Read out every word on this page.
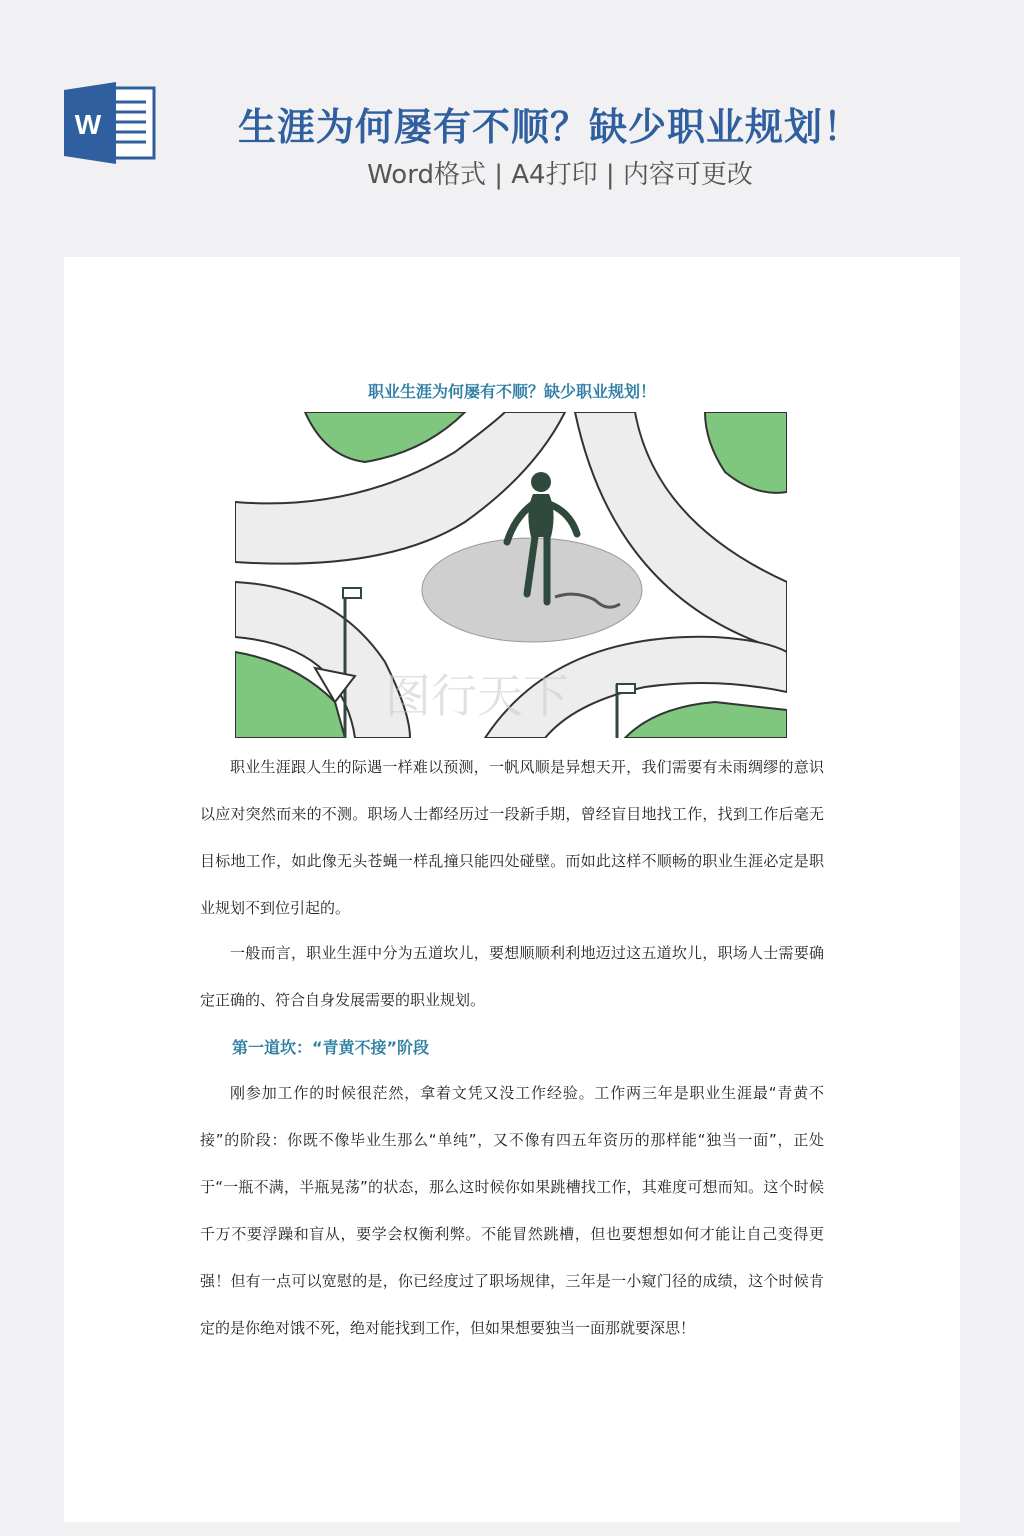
W	生涯为何屡有不顺？缺少职业规划！
Word格式 | A4打印 | 内容可更改
职业生涯为何屡有不顺？缺少职业规划！
图行天下
职业生涯跟人生的际遇一样难以预测，一帆风顺是异想天开，我们需要有未雨绸缪的意识以应对突然而来的不测。职场人士都经历过一段新手期，曾经盲目地找工作，找到工作后毫无目标地工作，如此像无头苍蝇一样乱撞只能四处碰壁。而如此这样不顺畅的职业生涯必定是职业规划不到位引起的。
一般而言，职业生涯中分为五道坎儿，要想顺顺利利地迈过这五道坎儿，职场人士需要确定正确的、符合自身发展需要的职业规划。
第一道坎：“青黄不接”阶段
刚参加工作的时候很茫然，拿着文凭又没工作经验。工作两三年是职业生涯最“青黄不接”的阶段：你既不像毕业生那么“单纯”，又不像有四五年资历的那样能“独当一面”，正处于“一瓶不满，半瓶晃荡”的状态，那么这时候你如果跳槽找工作，其难度可想而知。这个时候千万不要浮躁和盲从，要学会权衡利弊。不能冒然跳槽，但也要想想如何才能让自己变得更强！但有一点可以宽慰的是，你已经度过了职场规律，三年是一小窥门径的成绩，这个时候肯定的是你绝对饿不死，绝对能找到工作，但如果想要独当一面那就要深思！
